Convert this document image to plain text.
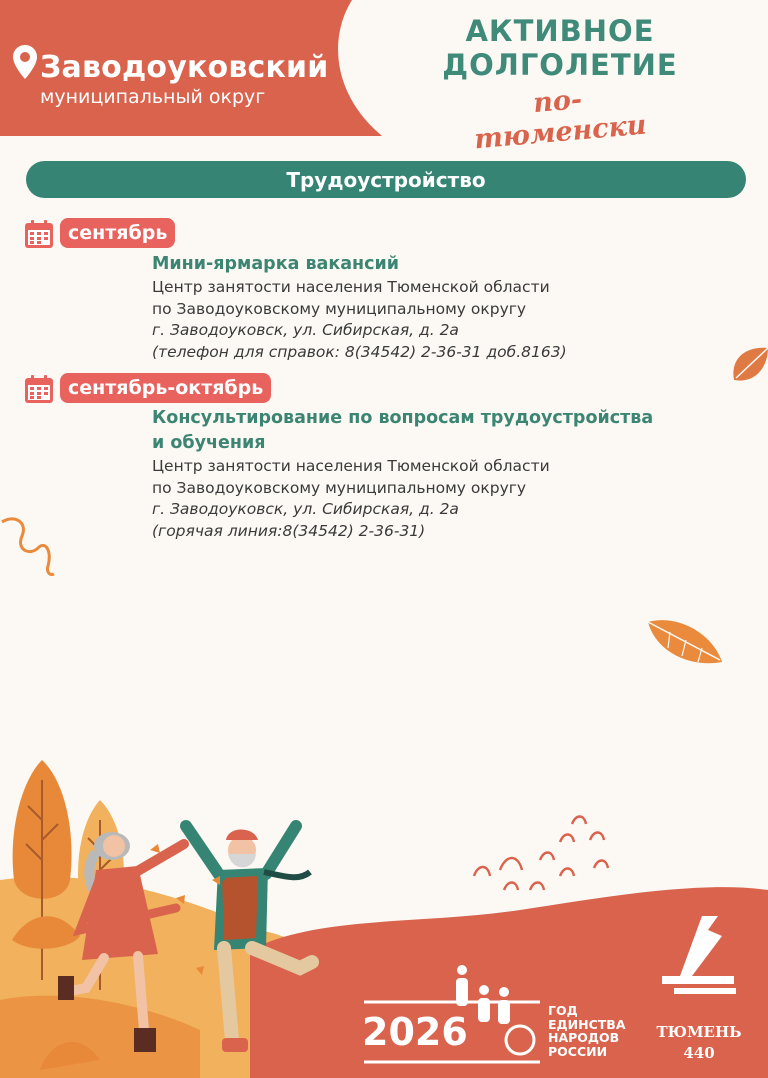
Заводоуковский
муниципальный округ
АКТИВНОЕ
ДОЛГОЛЕТИЕ
по-тюменски
Трудоустройство
сентябрь

Мини-ярмарка вакансий

Центр занятости населения Тюменской области

по Заводоуковскому муниципальному округу

г. Заводоуковск, ул. Сибирская, д. 2а

(телефон для справок: 8(34542) 2-36-31 доб.8163)

сентябрь-октябрь

Консультирование по вопросам трудоустройства

и обучения

Центр занятости населения Тюменской области

по Заводоуковскому муниципальному округу

г. Заводоуковск, ул. Сибирская, д. 2а

(горячая линия:8(34542) 2-36-31)

2026	ГОД
ЕДИНСТВА
НАРОДОВ
РОССИИ
ТЮМЕНЬ
440
